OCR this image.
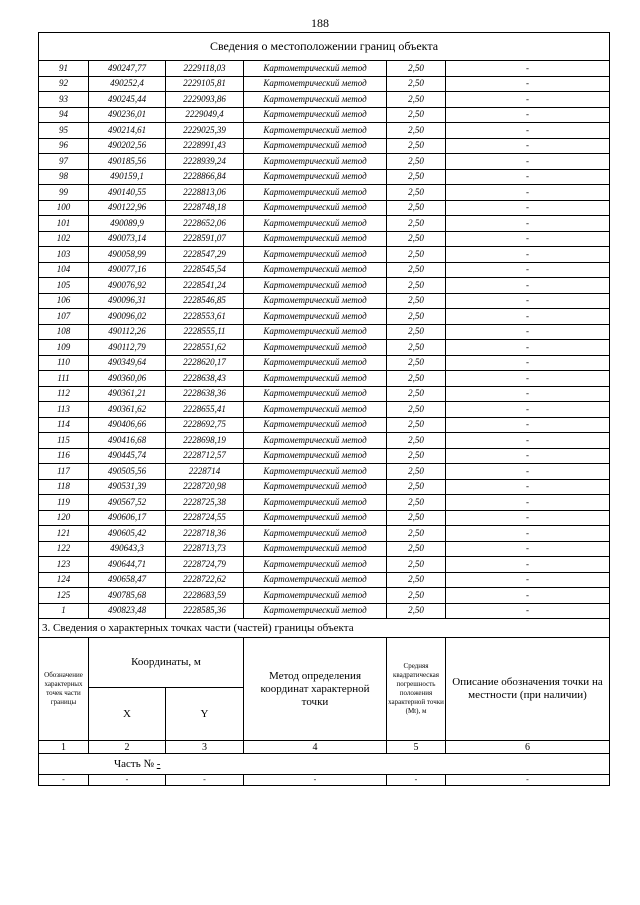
188
Сведения о местоположении границ объекта					
91	490247,77	2229118,03	Картометрический метод	2,50	-
92	490252,4	2229105,81	Картометрический метод	2,50	-
93	490245,44	2229093,86	Картометрический метод	2,50	-
94	490236,01	2229049,4	Картометрический метод	2,50	-
95	490214,61	2229025,39	Картометрический метод	2,50	-
96	490202,56	2228991,43	Картометрический метод	2,50	-
97	490185,56	2228939,24	Картометрический метод	2,50	-
98	490159,1	2228866,84	Картометрический метод	2,50	-
99	490140,55	2228813,06	Картометрический метод	2,50	-
100	490122,96	2228748,18	Картометрический метод	2,50	-
101	490089,9	2228652,06	Картометрический метод	2,50	-
102	490073,14	2228591,07	Картометрический метод	2,50	-
103	490058,99	2228547,29	Картометрический метод	2,50	-
104	490077,16	2228545,54	Картометрический метод	2,50	-
105	490076,92	2228541,24	Картометрический метод	2,50	-
106	490096,31	2228546,85	Картометрический метод	2,50	-
107	490096,02	2228553,61	Картометрический метод	2,50	-
108	490112,26	2228555,11	Картометрический метод	2,50	-
109	490112,79	2228551,62	Картометрический метод	2,50	-
110	490349,64	2228620,17	Картометрический метод	2,50	-
111	490360,06	2228638,43	Картометрический метод	2,50	-
112	490361,21	2228638,36	Картометрический метод	2,50	-
113	490361,62	2228655,41	Картометрический метод	2,50	-
114	490406,66	2228692,75	Картометрический метод	2,50	-
115	490416,68	2228698,19	Картометрический метод	2,50	-
116	490445,74	2228712,57	Картометрический метод	2,50	-
117	490505,56	2228714	Картометрический метод	2,50	-
118	490531,39	2228720,98	Картометрический метод	2,50	-
119	490567,52	2228725,38	Картометрический метод	2,50	-
120	490606,17	2228724,55	Картометрический метод	2,50	-
121	490605,42	2228718,36	Картометрический метод	2,50	-
122	490643,3	2228713,73	Картометрический метод	2,50	-
123	490644,71	2228724,79	Картометрический метод	2,50	-
124	490658,47	2228722,62	Картометрический метод	2,50	-
125	490785,68	2228683,59	Картометрический метод	2,50	-
1	490823,48	2228585,36	Картометрический метод	2,50	-
3. Сведения о характерных точках части (частей) границы объекта					
Обозначение характерных точек части границы	Координаты, м		Метод определения координат характерной точки	Средняя квадратическая погрешность положения характерной точки (Mt), м	Описание обозначения точки на местности (при наличии)
	X	Y			
1	2	3	4	5	6
Часть № -					
-	-	-	-	-	-
